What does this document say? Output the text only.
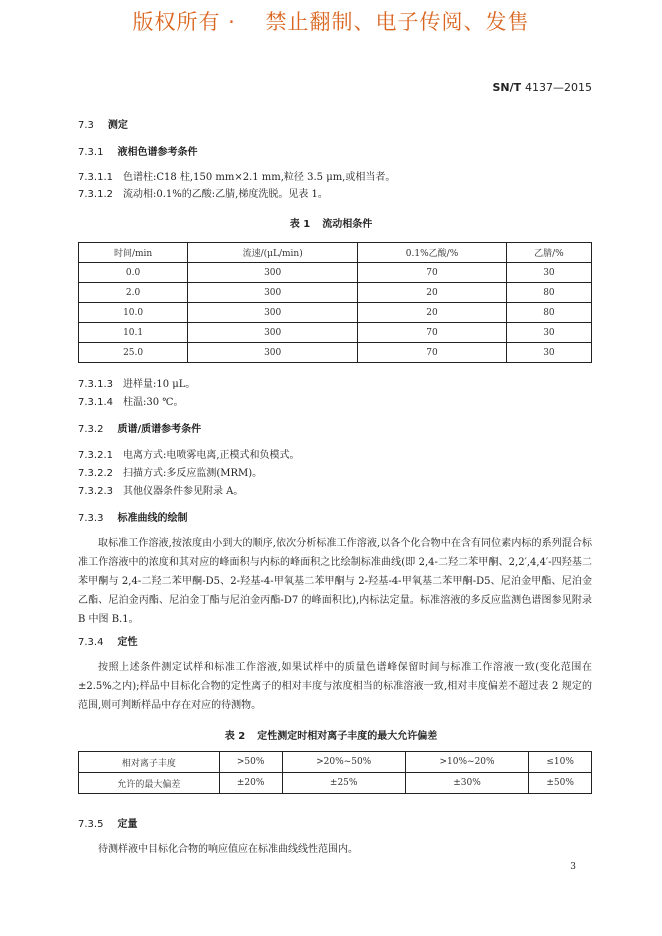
版权所有 · 禁止翻制、电子传阅、发售
SN/T 4137—2015
7.3 测定
7.3.1 液相色谱参考条件
7.3.1.1 色谱柱:C18 柱,150 mm×2.1 mm,粒径 3.5 μm,或相当者。
7.3.1.2 流动相:0.1%的乙酸:乙腈,梯度洗脱。见表 1。
表 1 流动相条件
时间/min	流速/(μL/min)	0.1%乙酸/%	乙腈/%
0.0	300	70	30
2.0	300	20	80
10.0	300	20	80
10.1	300	70	30
25.0	300	70	30
7.3.1.3 进样量:10 μL。
7.3.1.4 柱温:30 ℃。
7.3.2 质谱/质谱参考条件
7.3.2.1 电离方式:电喷雾电离,正模式和负模式。
7.3.2.2 扫描方式:多反应监测(MRM)。
7.3.2.3 其他仪器条件参见附录 A。
7.3.3 标准曲线的绘制
取标准工作溶液,按浓度由小到大的顺序,依次分析标准工作溶液,以各个化合物中在含有同位素内标的系列混合标准工作溶液中的浓度和其对应的峰面积与内标的峰面积之比绘制标准曲线(即 2,4-二羟二苯甲酮、2,2′,4,4′-四羟基二苯甲酮与 2,4-二羟二苯甲酮-D5、2-羟基-4-甲氧基二苯甲酮与 2-羟基-4-甲氧基二苯甲酮-D5、尼泊金甲酯、尼泊金乙酯、尼泊金丙酯、尼泊金丁酯与尼泊金丙酯-D7 的峰面积比),内标法定量。标准溶液的多反应监测色谱图参见附录 B 中图 B.1。
7.3.4 定性
按照上述条件测定试样和标准工作溶液,如果试样中的质量色谱峰保留时间与标准工作溶液一致(变化范围在±2.5%之内);样品中目标化合物的定性离子的相对丰度与浓度相当的标准溶液一致,相对丰度偏差不超过表 2 规定的范围,则可判断样品中存在对应的待测物。
表 2 定性测定时相对离子丰度的最大允许偏差
相对离子丰度	>50%	>20%~50%	>10%~20%	≤10%
允许的最大偏差	±20%	±25%	±30%	±50%
7.3.5 定量
待测样液中目标化合物的响应值应在标准曲线线性范围内。
3
